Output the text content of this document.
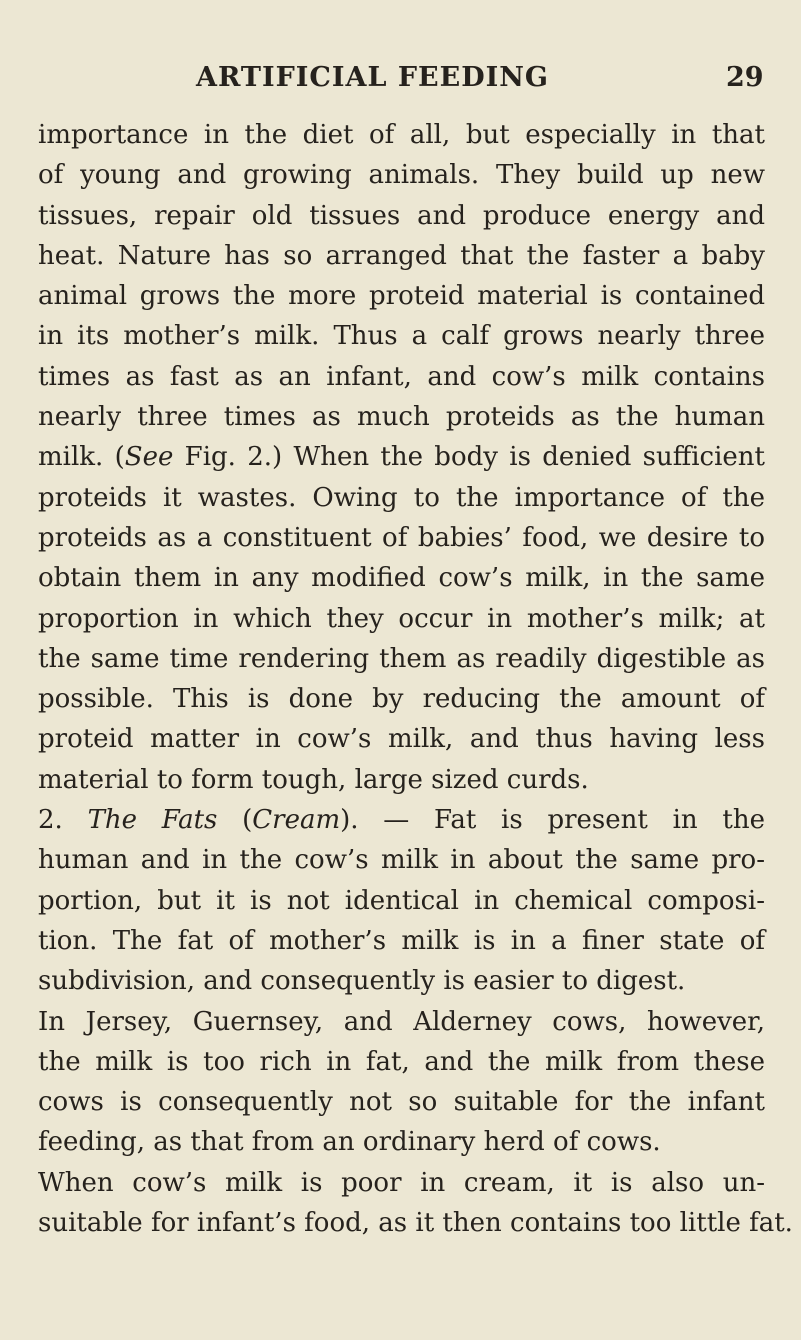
ARTIFICIAL FEEDING	29
importance in the diet of all, but especially in that
of young and growing animals. They build up new
tissues, repair old tissues and produce energy and
heat. Nature has so arranged that the faster a baby
animal grows the more proteid material is contained
in its mother’s milk. Thus a calf grows nearly three
times as fast as an infant, and cow’s milk contains
nearly three times as much proteids as the human
milk. (See Fig. 2.) When the body is denied sufficient
proteids it wastes. Owing to the importance of the
proteids as a constituent of babies’ food, we desire to
obtain them in any modified cow’s milk, in the same
proportion in which they occur in mother’s milk; at
the same time rendering them as readily digestible as
possible. This is done by reducing the amount of
proteid matter in cow’s milk, and thus having less
material to form tough, large sized curds.
2. The Fats (Cream). — Fat is present in the
human and in the cow’s milk in about the same pro-
portion, but it is not identical in chemical composi-
tion. The fat of mother’s milk is in a finer state of
subdivision, and consequently is easier to digest.
In Jersey, Guernsey, and Alderney cows, however,
the milk is too rich in fat, and the milk from these
cows is consequently not so suitable for the infant
feeding, as that from an ordinary herd of cows.
When cow’s milk is poor in cream, it is also un-
suitable for infant’s food, as it then contains too little fat.
